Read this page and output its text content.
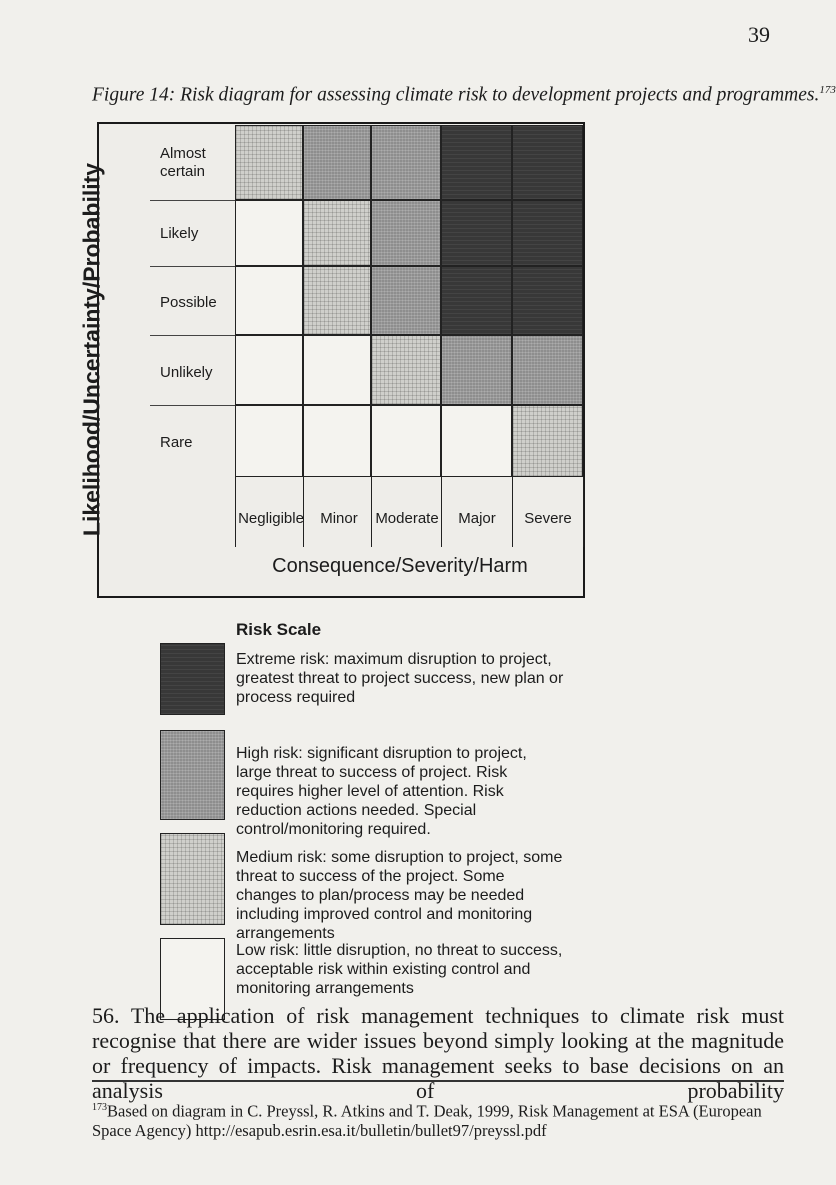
39
Figure 14: Risk diagram for assessing climate risk to development projects and programmes.$^{173}$
Likelihood/Uncertainty/Probability
Almost certain
Likely
Possible
Unlikely
Rare
Negligible	Minor	Moderate	Major	Severe
Consequence/Severity/Harm
Risk Scale
Extreme risk: maximum disruption to project, greatest threat to project success, new plan or process required
High risk: significant disruption to project, large threat to success of project. Risk requires higher level of attention. Risk reduction actions needed. Special control/monitoring required.
Medium risk: some disruption to project, some threat to success of the project. Some changes to plan/process may be needed including improved control and monitoring arrangements
Low risk: little disruption, no threat to success, acceptable risk within existing control and monitoring arrangements
56. The application of risk management techniques to climate risk must recognise that there are wider issues beyond simply looking at the magnitude or frequency of impacts. Risk management seeks to base decisions on an analysis of probability
$^{173}$Based on diagram in C. Preyssl, R. Atkins and T. Deak, 1999, Risk Management at ESA (European Space Agency) http://esapub.esrin.esa.it/bulletin/bullet97/preyssl.pdf
